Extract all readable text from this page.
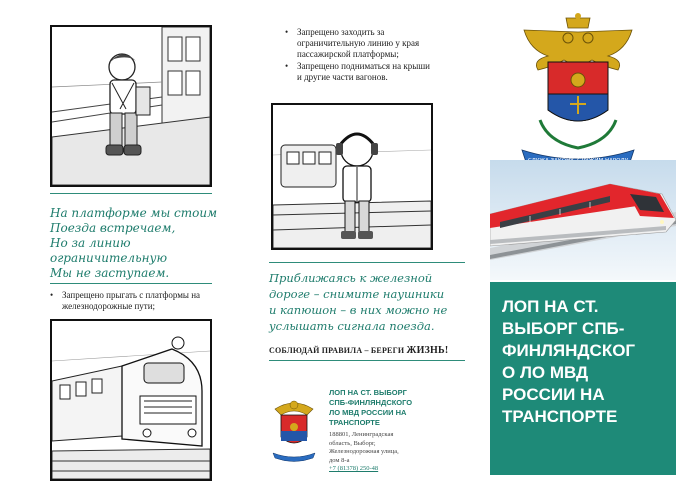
На платформе мы стоим
Поезда встречаем,
Но за линию
ограничительную
Мы не заступаем.
• Запрещено прыгать с платформы на железнодорожные пути;
• Запрещено заходить за ограничительную линию у края пассажирской платформы;
• Запрещено подниматься на крыши и другие части вагонов.
Приближаясь к железной
дороге – снимите наушники
и капюшон – в них можно не
услышать сигнала поезда.
СОБЛЮДАЙ ПРАВИЛА – БЕРЕГИ ЖИЗНЬ!
ЛОП НА СТ. ВЫБОРГ
СПБ-ФИНЛЯНДСКОГО
ЛО МВД РОССИИ НА
ТРАНСПОРТЕ
188801, Ленинградская
область, Выборг,
Железнодорожная улица,
дом 8-а
+7 (81378) 250-48
ЛОП НА СТ.
ВЫБОРГ СПБ-
ФИНЛЯНДСКОГ
О ЛО МВД
РОССИИ НА
ТРАНСПОРТЕ
